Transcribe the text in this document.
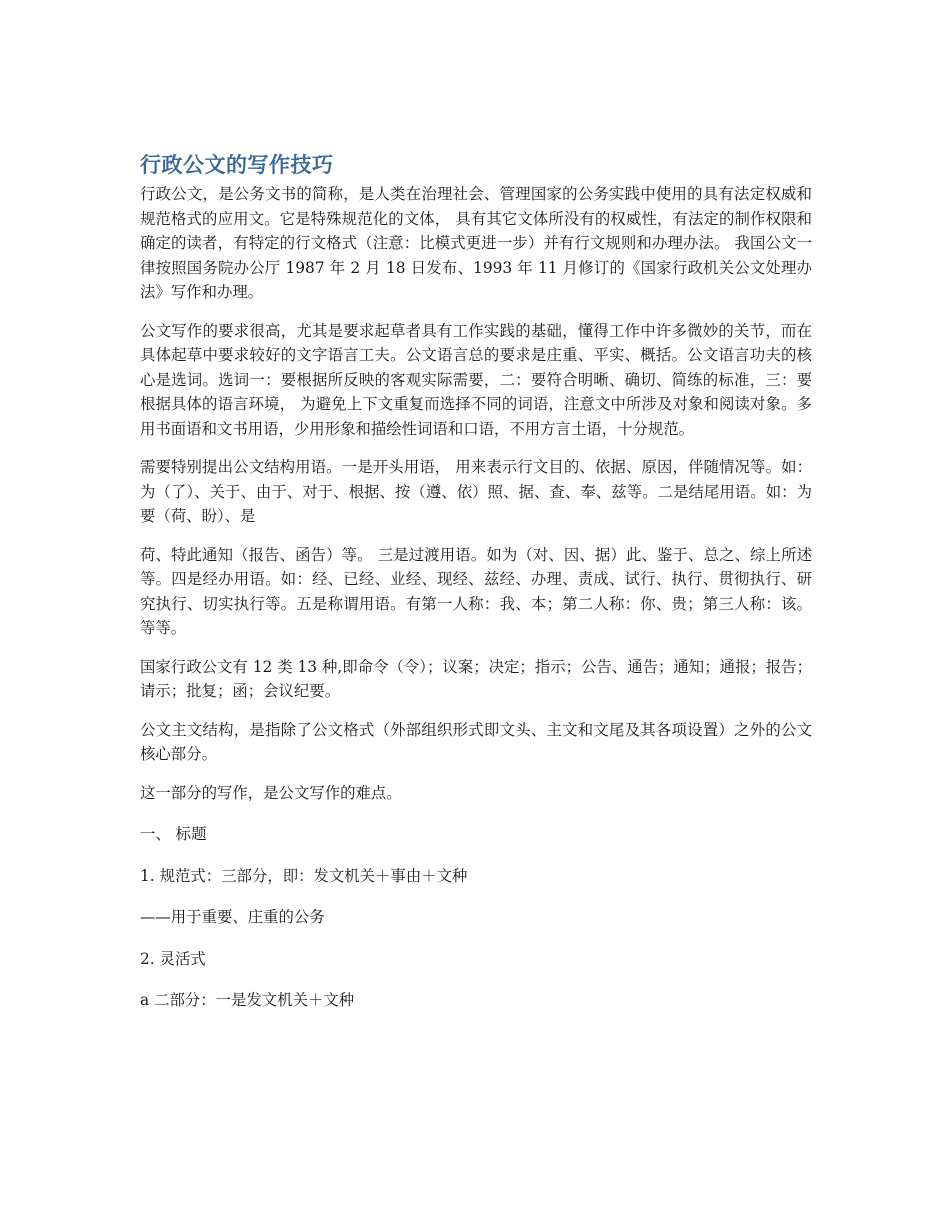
行政公文的写作技巧

行政公文，是公务文书的简称，是人类在治理社会、管理国家的公务实践中使用的具有法定权威和规范格式的应用文。它是特殊规范化的文体， 具有其它文体所没有的权威性，有法定的制作权限和确定的读者，有特定的行文格式（注意：比模式更进一步）并有行文规则和办理办法。 我国公文一律按照国务院办公厅 1987 年 2 月 18 日发布、1993 年 11 月修订的《国家行政机关公文处理办法》写作和办理。

公文写作的要求很高，尤其是要求起草者具有工作实践的基础，懂得工作中许多微妙的关节，而在具体起草中要求较好的文字语言工夫。公文语言总的要求是庄重、平实、概括。公文语言功夫的核心是选词。选词一：要根据所反映的客观实际需要，二：要符合明晰、确切、简练的标准，三：要根据具体的语言环境， 为避免上下文重复而选择不同的词语，注意文中所涉及对象和阅读对象。多用书面语和文书用语，少用形象和描绘性词语和口语，不用方言土语，十分规范。

需要特别提出公文结构用语。一是开头用语， 用来表示行文目的、依据、原因，伴随情况等。如：为（了）、关于、由于、对于、根据、按（遵、依）照、据、查、奉、兹等。二是结尾用语。如：为要（荷、盼）、是

荷、特此通知（报告、函告）等。 三是过渡用语。如为（对、因、据）此、鉴于、总之、综上所述等。四是经办用语。如：经、已经、业经、现经、兹经、办理、责成、试行、执行、贯彻执行、研究执行、切实执行等。五是称谓用语。有第一人称：我、本；第二人称：你、贵；第三人称：该。等等。

国家行政公文有 12 类 13 种,即命令（令）；议案；决定；指示；公告、通告；通知；通报；报告；请示；批复；函；会议纪要。

公文主文结构，是指除了公文格式（外部组织形式即文头、主文和文尾及其各项设置）之外的公文核心部分。

这一部分的写作，是公文写作的难点。

一、 标题

1. 规范式：三部分，即：发文机关＋事由＋文种

——用于重要、庄重的公务

2. 灵活式

a 二部分：一是发文机关＋文种
